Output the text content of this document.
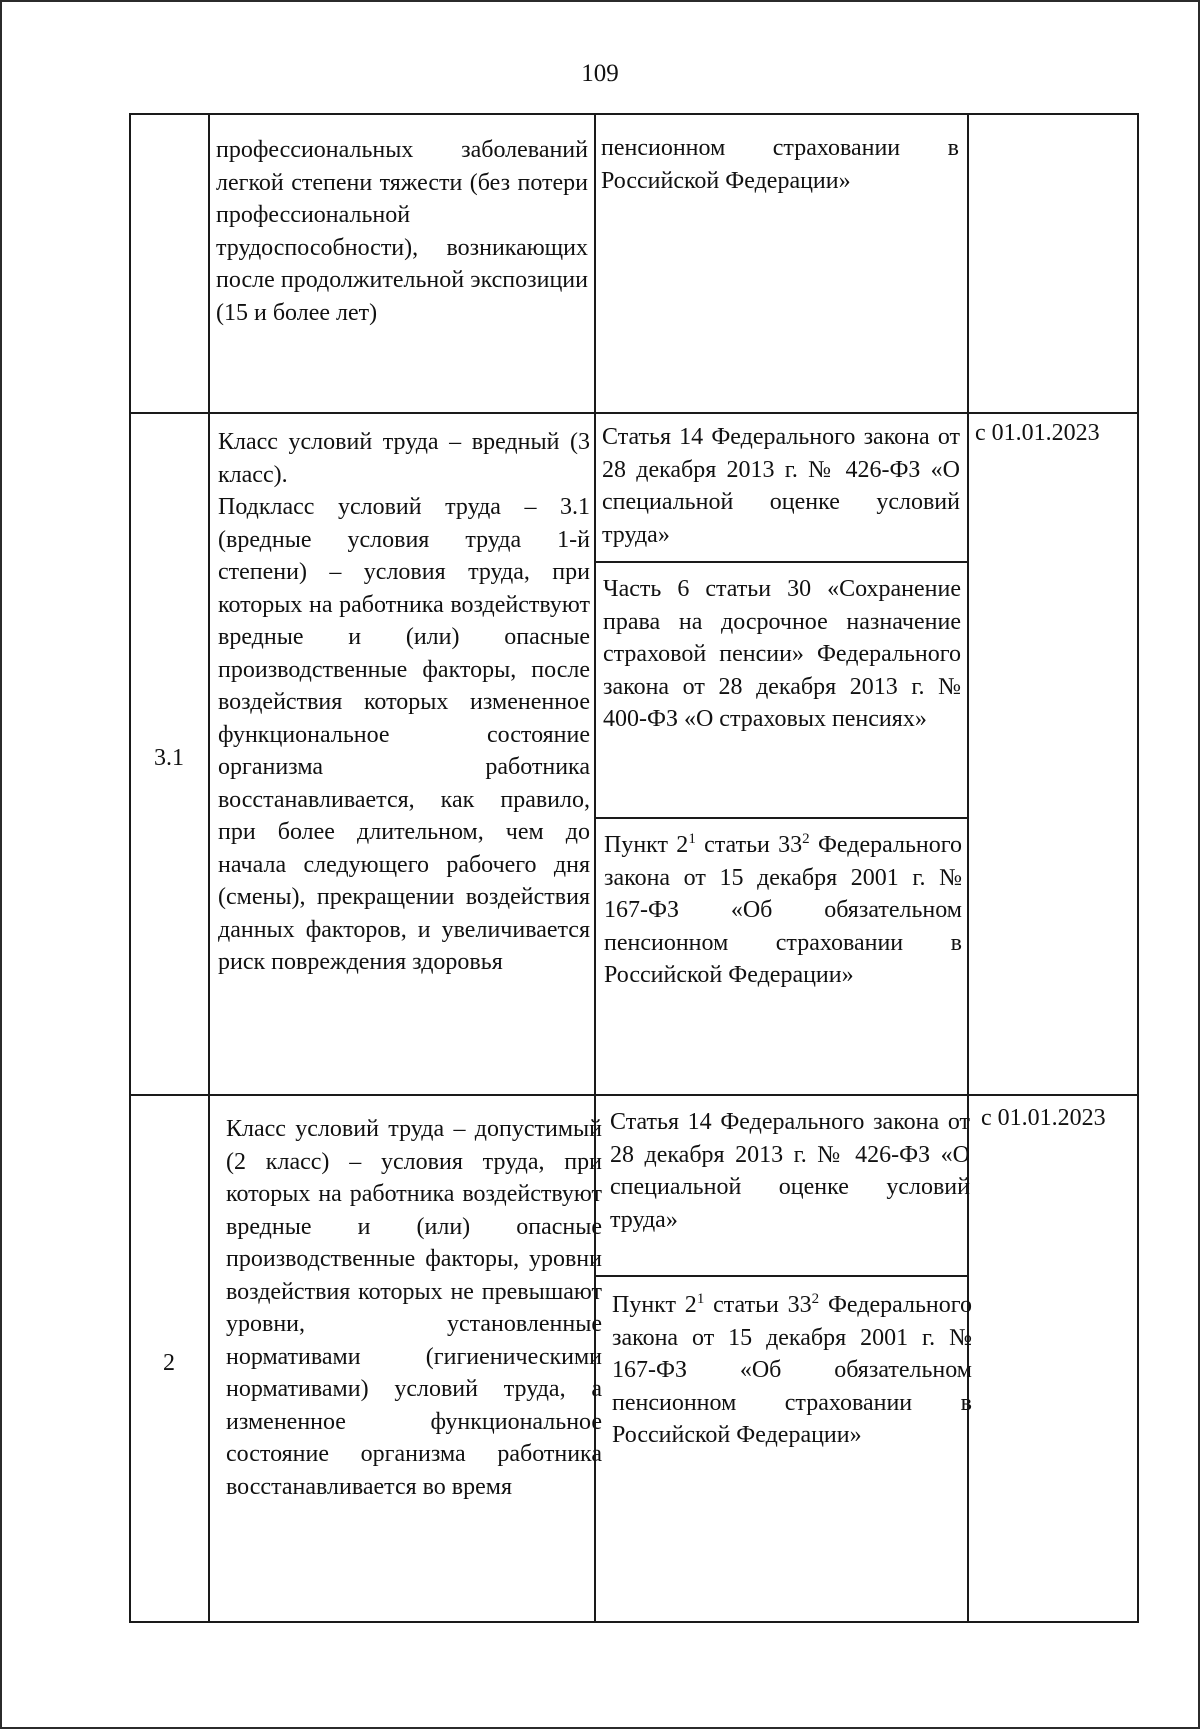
109
профессиональных заболеваний легкой степени тяжести (без потери профессиональной трудоспособности), возникающих после продолжительной экспозиции (15 и более лет)
пенсионном страховании в Российской Федерации»
3.1
Класс условий труда – вредный (3 класс).
Подкласс условий труда – 3.1 (вредные условия труда 1-й степени) – условия труда, при которых на работника воздействуют вредные и (или) опасные производственные факторы, после воздействия которых измененное функциональное состояние организма работника восстанавливается, как правило, при более длительном, чем до начала следующего рабочего дня (смены), прекращении воздействия данных факторов, и увеличивается риск повреждения здоровья
Статья 14 Федерального закона от 28 декабря 2013 г. № 426-ФЗ «О специальной оценке условий труда»
Часть 6 статьи 30 «Сохранение права на досрочное назначение страховой пенсии» Федерального закона от 28 декабря 2013 г. № 400-ФЗ «О страховых пенсиях»
Пункт $2^1$ статьи $33^2$ Федерального закона от 15 декабря 2001 г. № 167-ФЗ «Об обязательном пенсионном страховании в Российской Федерации»
с 01.01.2023
2
Класс условий труда – допустимый (2 класс) – условия труда, при которых на работника воздействуют вредные и (или) опасные производственные факторы, уровни воздействия которых не превышают уровни, установленные нормативами (гигиеническими нормативами) условий труда, а измененное функциональное состояние организма работника восстанавливается во время
Статья 14 Федерального закона от 28 декабря 2013 г. № 426-ФЗ «О специальной оценке условий труда»
Пункт $2^1$ статьи $33^2$ Федерального закона от 15 декабря 2001 г. № 167-ФЗ «Об обязательном пенсионном страховании в Российской Федерации»
с 01.01.2023
